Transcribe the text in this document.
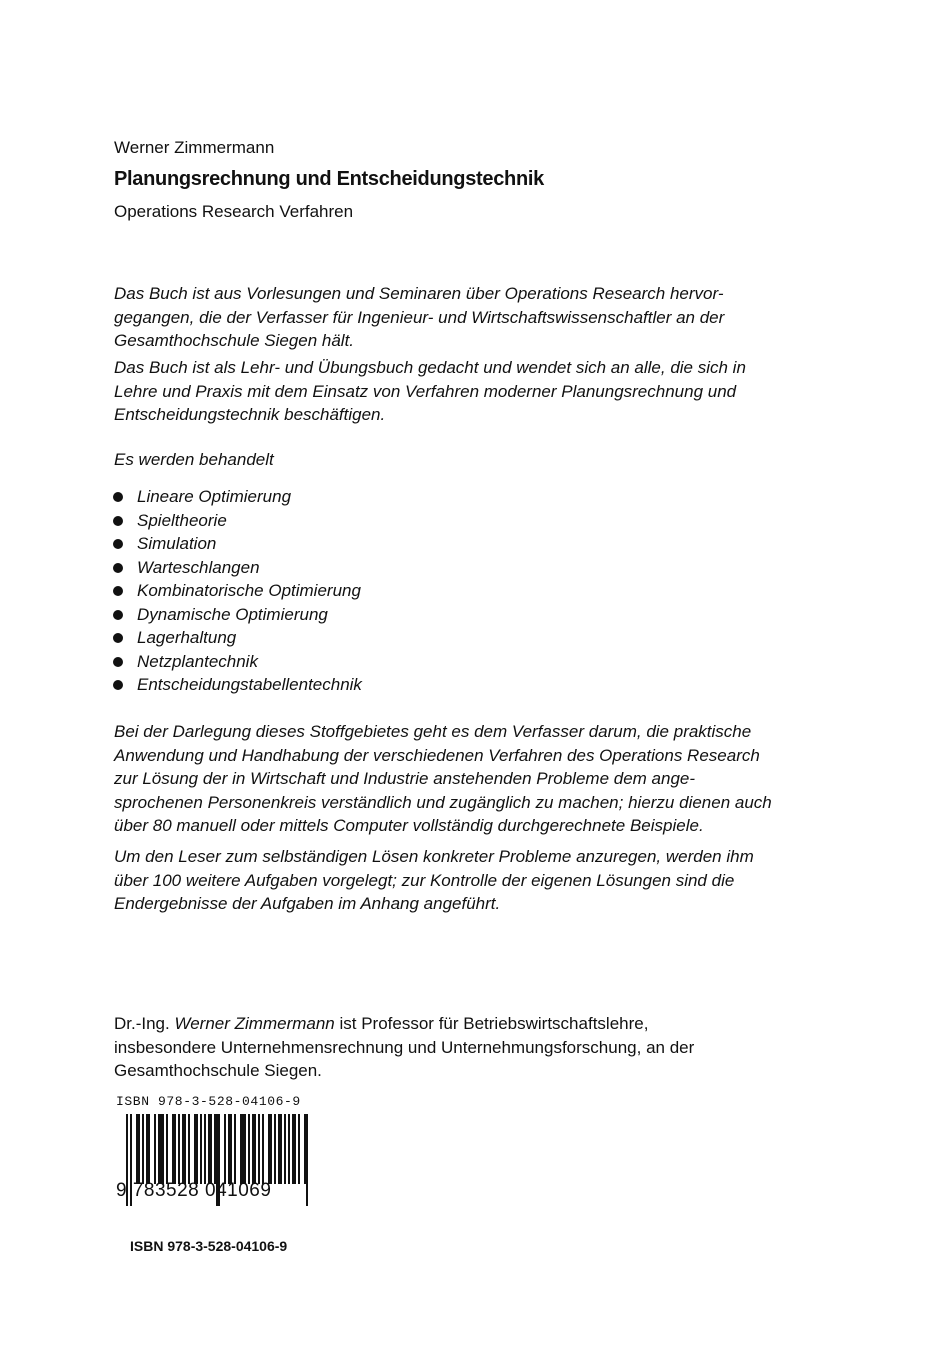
Werner Zimmermann
Planungsrechnung und Entscheidungstechnik
Operations Research Verfahren
Das Buch ist aus Vorlesungen und Seminaren über Operations Research hervor-gegangen, die der Verfasser für Ingenieur- und Wirtschaftswissenschaftler an der Gesamthochschule Siegen hält.
Das Buch ist als Lehr- und Übungsbuch gedacht und wendet sich an alle, die sich in Lehre und Praxis mit dem Einsatz von Verfahren moderner Planungsrechnung und Entscheidungstechnik beschäftigen.
Es werden behandelt
Lineare Optimierung
Spieltheorie
Simulation
Warteschlangen
Kombinatorische Optimierung
Dynamische Optimierung
Lagerhaltung
Netzplantechnik
Entscheidungstabellentechnik
Bei der Darlegung dieses Stoffgebietes geht es dem Verfasser darum, die praktische Anwendung und Handhabung der verschiedenen Verfahren des Operations Research zur Lösung der in Wirtschaft und Industrie anstehenden Probleme dem ange-sprochenen Personenkreis verständlich und zugänglich zu machen; hierzu dienen auch über 80 manuell oder mittels Computer vollständig durchgerechnete Beispiele.
Um den Leser zum selbständigen Lösen konkreter Probleme anzuregen, werden ihm über 100 weitere Aufgaben vorgelegt; zur Kontrolle der eigenen Lösungen sind die Endergebnisse der Aufgaben im Anhang angeführt.
Dr.-Ing. Werner Zimmermann ist Professor für Betriebswirtschaftslehre, insbesondere Unternehmensrechnung und Unternehmungsforschung, an der Gesamthochschule Siegen.
ISBN 978-3-528-04106-9
9 783528 041069
ISBN 978-3-528-04106-9
